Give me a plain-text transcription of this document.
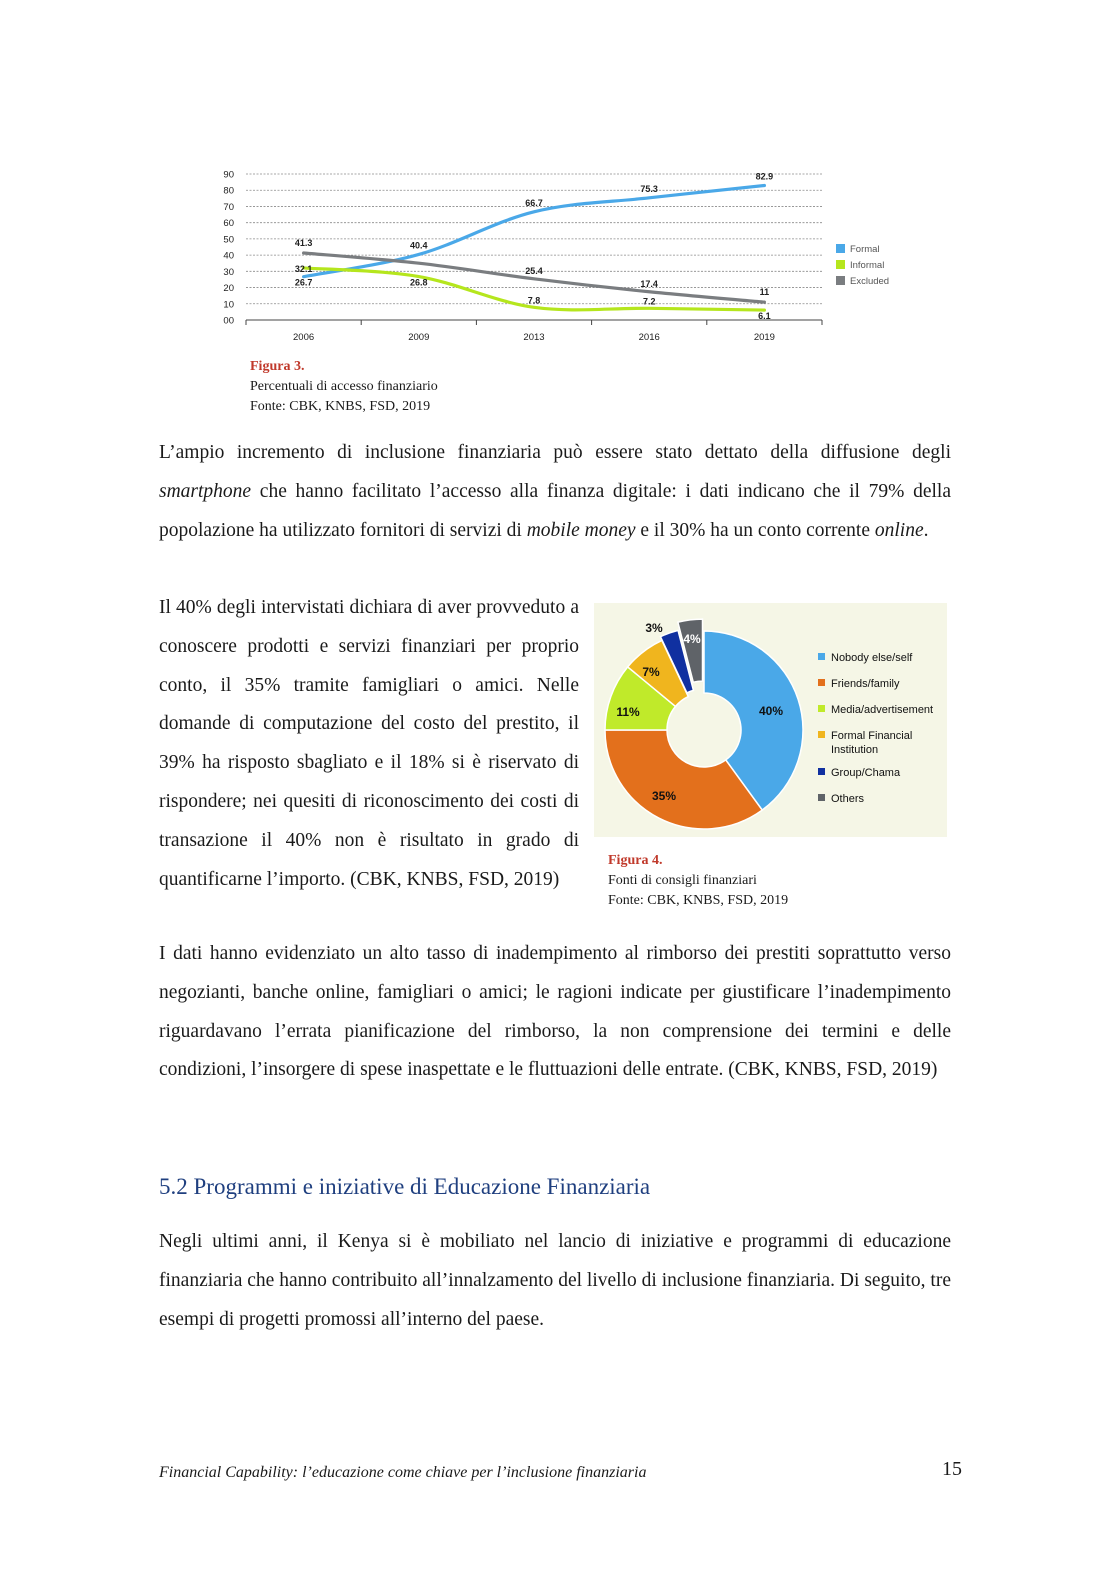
00
10
20
30
40
50
60
70
80
90
2006	2009	2013	2016	2019
26.7
40.4
66.7
75.3
82.9
32.1
26.8
7.8	7.2
6.1
41.3
25.4
17.4
11
Formal
Informal
Excluded
Figura 3.
Percentuali di accesso finanziario
Fonte: CBK, KNBS, FSD, 2019
L’ampio incremento di inclusione finanziaria può essere stato dettato della diffusione degli smartphone che hanno facilitato l’accesso alla finanza digitale: i dati indicano che il 79% della popolazione ha utilizzato fornitori di servizi di mobile money e il 30% ha un conto corrente online.
Il 40% degli intervistati dichiara di aver provveduto a conoscere prodotti e servizi finanziari per proprio conto, il 35% tramite famigliari o amici. Nelle domande di computazione del costo del prestito, il 39% ha risposto sbagliato e il 18% si è riservato di rispondere; nei quesiti di riconoscimento dei costi di transazione il 40% non è risultato in grado di quantificarne l’importo. (CBK, KNBS, FSD, 2019)
40%
35%
11%
7%
3%
4%
Nobody else/self
Friends/family
Media/advertisement
Formal Financial
Institution
Group/Chama
Others
Figura 4.
Fonti di consigli finanziari
Fonte: CBK, KNBS, FSD, 2019
I dati hanno evidenziato un alto tasso di inadempimento al rimborso dei prestiti soprattutto verso negozianti, banche online, famigliari o amici; le ragioni indicate per giustificare l’inadempimento riguardavano l’errata pianificazione del rimborso, la non comprensione dei termini e delle condizioni, l’insorgere di spese inaspettate e le fluttuazioni delle entrate. (CBK, KNBS, FSD, 2019)
5.2 Programmi e iniziative di Educazione Finanziaria
Negli ultimi anni, il Kenya si è mobiliato nel lancio di iniziative e programmi di educazione finanziaria che hanno contribuito all’innalzamento del livello di inclusione finanziaria. Di seguito, tre esempi di progetti promossi all’interno del paese.
Financial Capability: l’educazione come chiave per l’inclusione finanziaria	15
